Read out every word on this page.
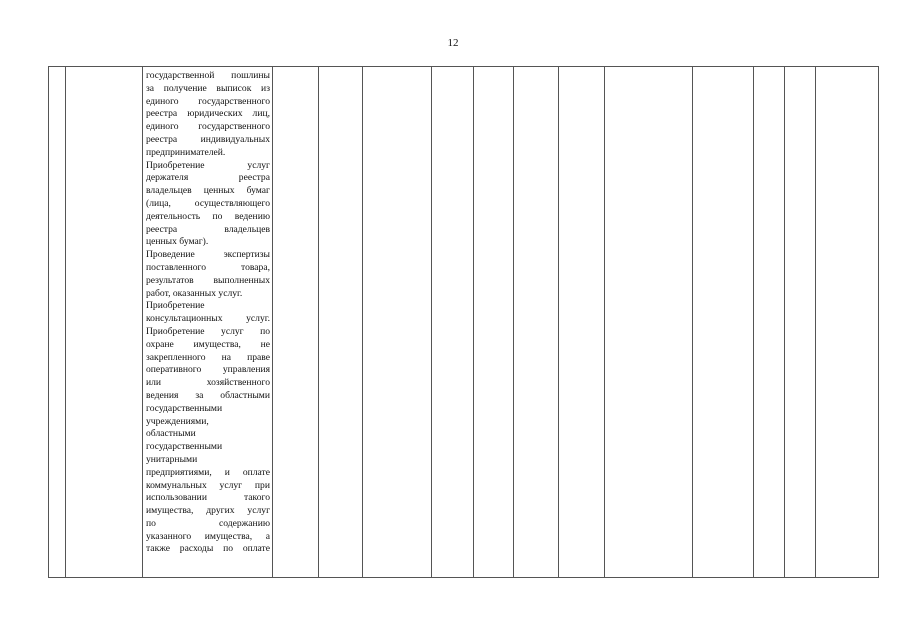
12

государственной пошлины
за получение выписок из
единого государственного
реестра юридических лиц,
единого государственного
реестра индивидуальных
предпринимателей.
Приобретение услуг
держателя реестра
владельцев ценных бумаг
(лица, осуществляющего
деятельность по ведению
реестра владельцев
ценных бумаг).
Проведение экспертизы
поставленного товара,
результатов выполненных
работ, оказанных услуг.
Приобретение
консультационных услуг.
Приобретение услуг по
охране имущества, не
закрепленного на праве
оперативного управления
или хозяйственного
ведения за областными
государственными
учреждениями,
областными
государственными
унитарными
предприятиями, и оплате
коммунальных услуг при
использовании такого
имущества, других услуг
по содержанию
указанного имущества, а
также расходы по оплате
